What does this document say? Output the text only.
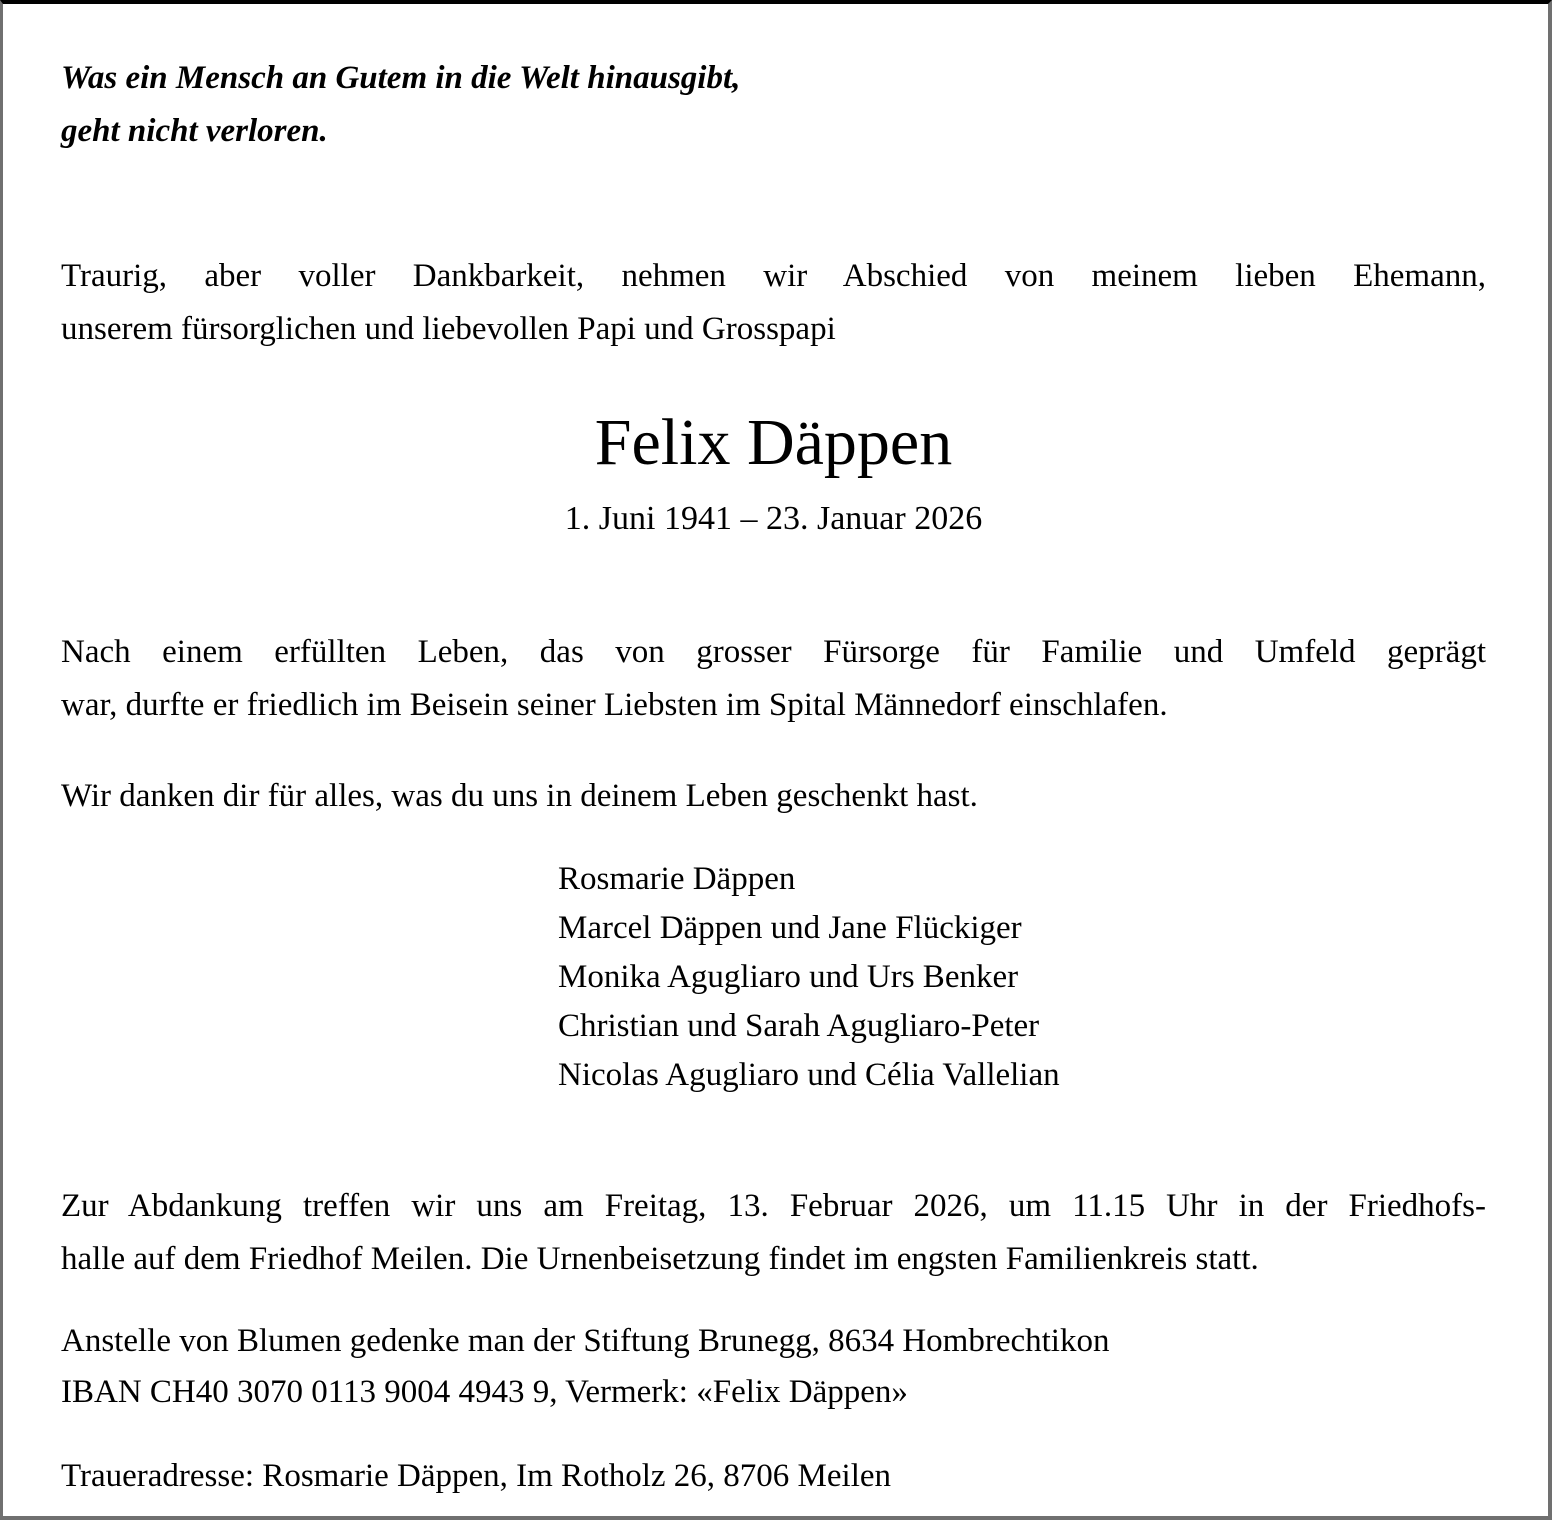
Was ein Mensch an Gutem in die Welt hinausgibt,
geht nicht verloren.
Traurig, aber voller Dankbarkeit, nehmen wir Abschied von meinem lieben Ehemann,
unserem fürsorglichen und liebevollen Papi und Grosspapi
Felix Däppen
1. Juni 1941 – 23. Januar 2026
Nach einem erfüllten Leben, das von grosser Fürsorge für Familie und Umfeld geprägt
war, durfte er friedlich im Beisein seiner Liebsten im Spital Männedorf einschlafen.
Wir danken dir für alles, was du uns in deinem Leben geschenkt hast.
Rosmarie Däppen
Marcel Däppen und Jane Flückiger
Monika Agugliaro und Urs Benker
Christian und Sarah Agugliaro-Peter
Nicolas Agugliaro und Célia Vallelian
Zur Abdankung treffen wir uns am Freitag, 13. Februar 2026, um 11.15 Uhr in der Friedhofs-
halle auf dem Friedhof Meilen. Die Urnenbeisetzung findet im engsten Familienkreis statt.
Anstelle von Blumen gedenke man der Stiftung Brunegg, 8634 Hombrechtikon
IBAN CH40 3070 0113 9004 4943 9, Vermerk: «Felix Däppen»
Traueradresse: Rosmarie Däppen, Im Rotholz 26, 8706 Meilen
